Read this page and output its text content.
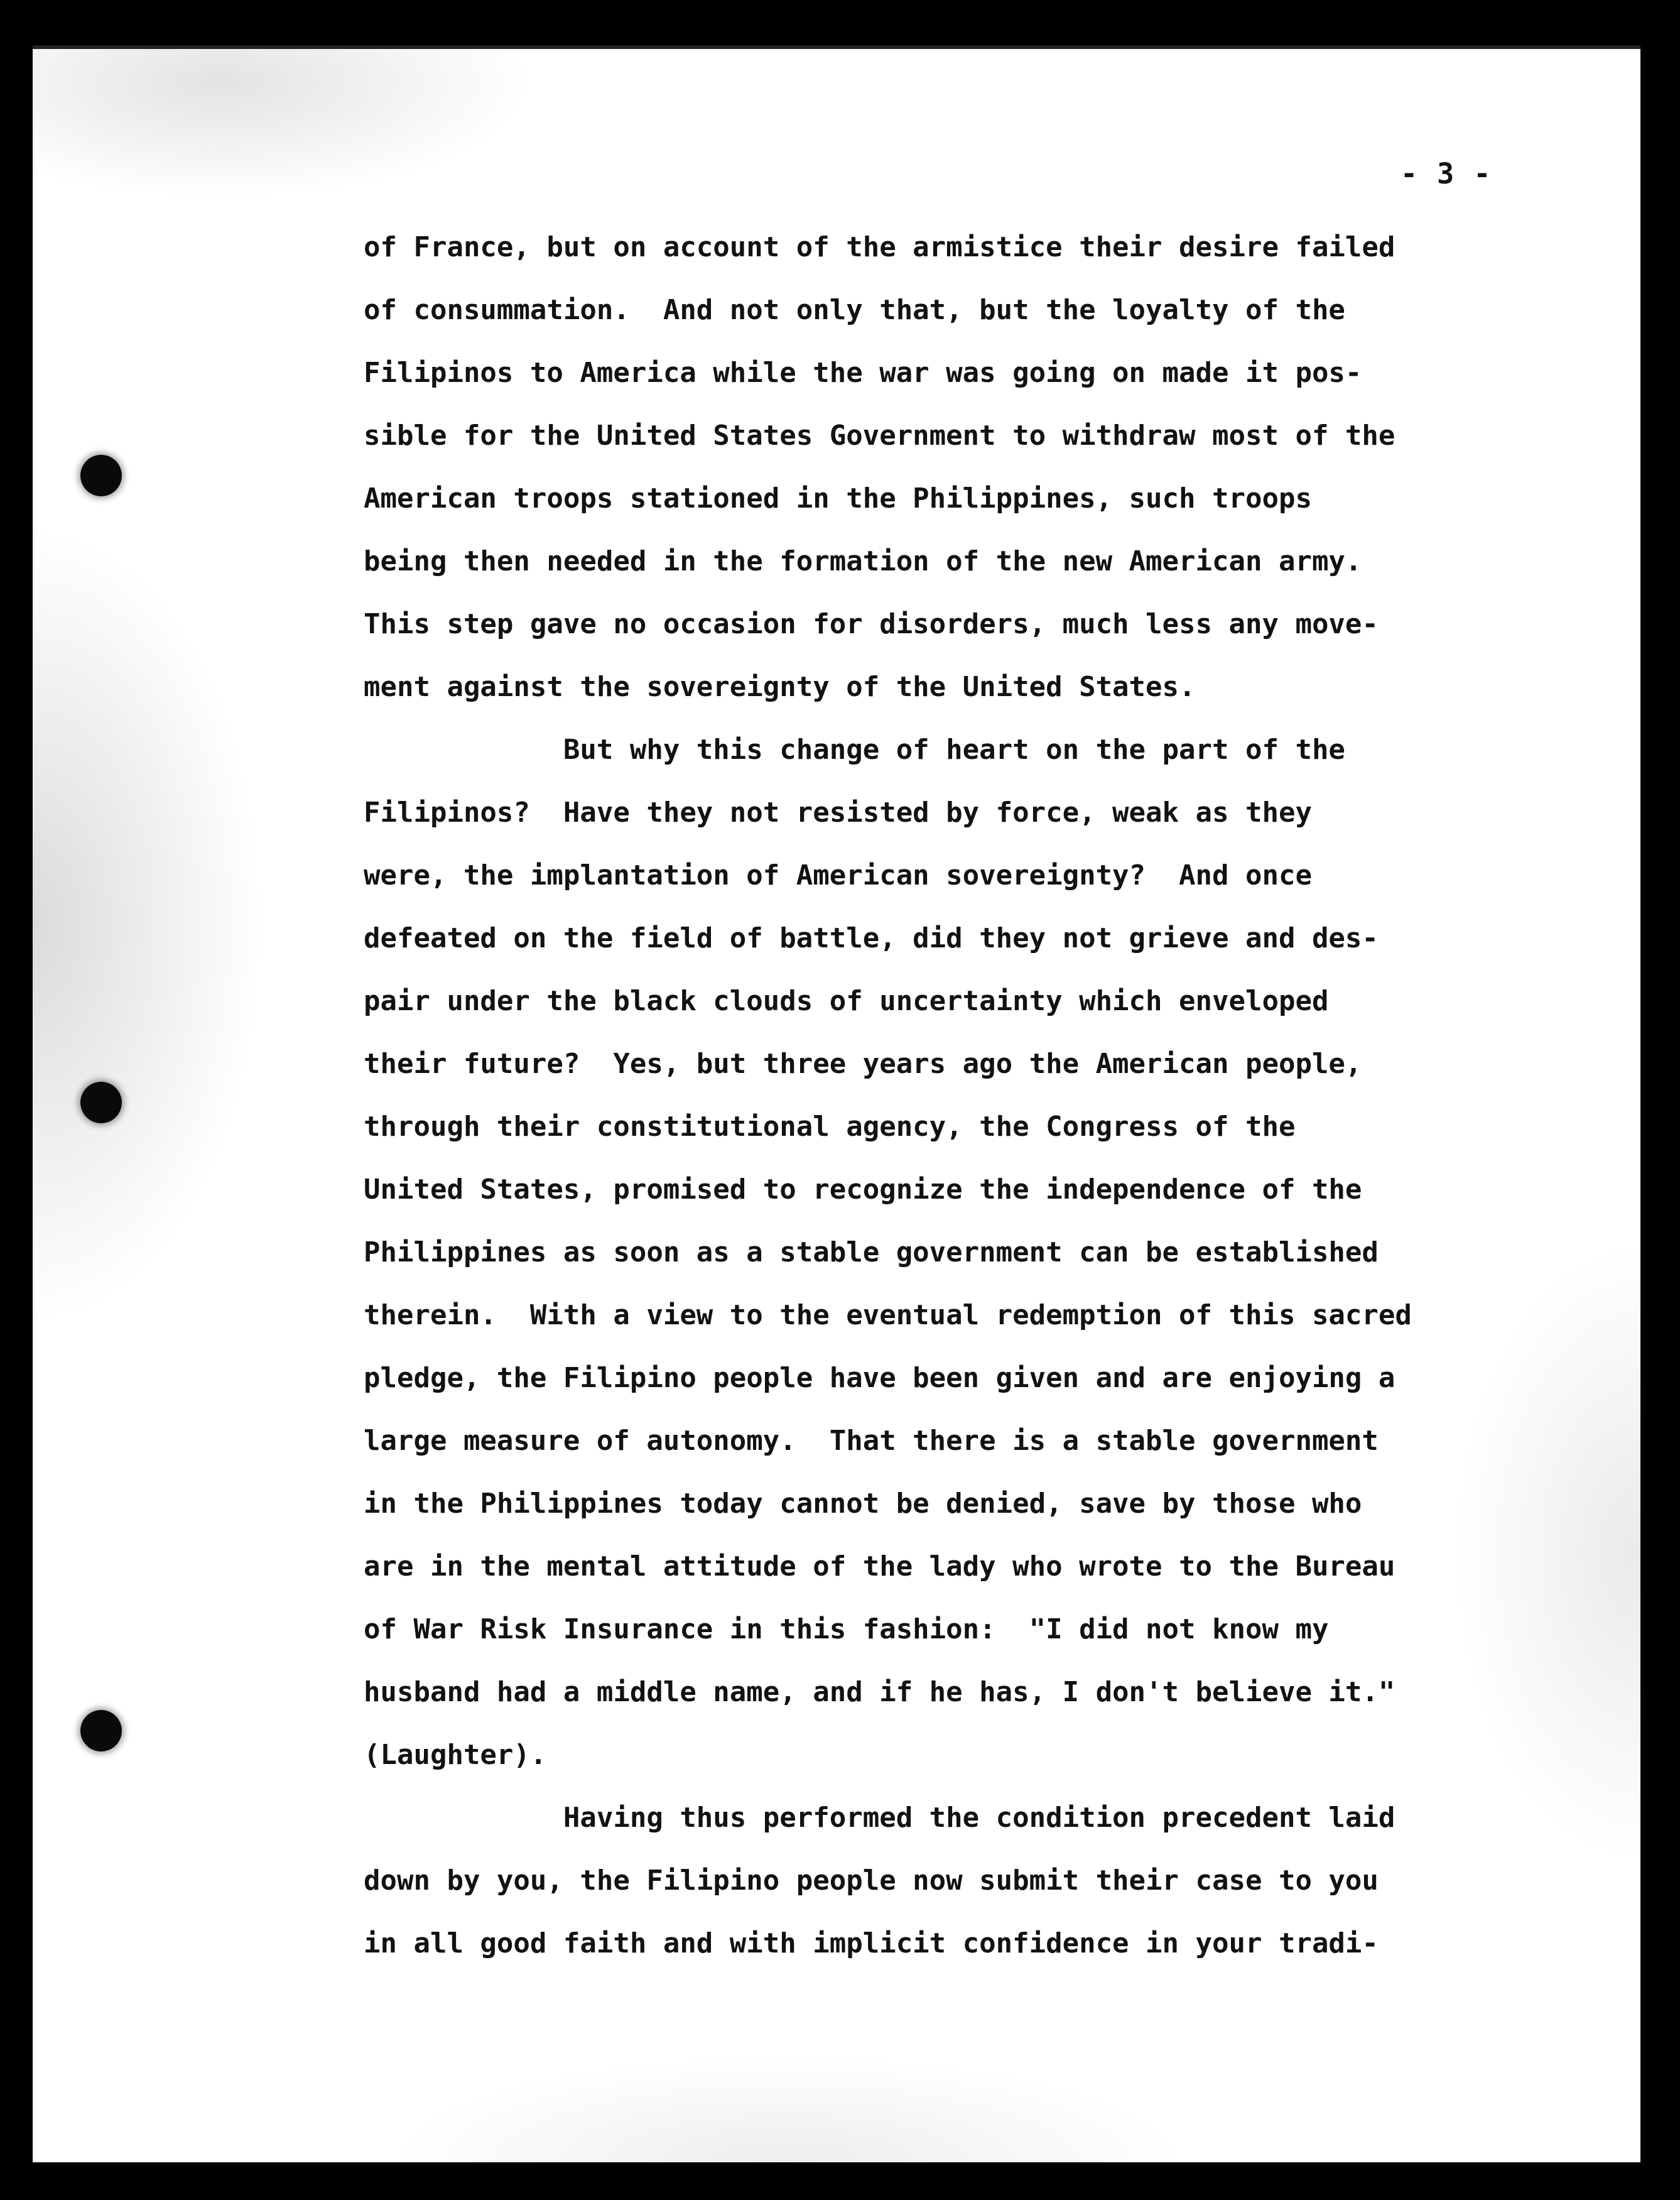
- 3 -
of France, but on account of the armistice their desire failed
of consummation.  And not only that, but the loyalty of the
Filipinos to America while the war was going on made it pos-
sible for the United States Government to withdraw most of the
American troops stationed in the Philippines, such troops
being then needed in the formation of the new American army.
This step gave no occasion for disorders, much less any move-
ment against the sovereignty of the United States.
But why this change of heart on the part of the
Filipinos?  Have they not resisted by force, weak as they
were, the implantation of American sovereignty?  And once
defeated on the field of battle, did they not grieve and des-
pair under the black clouds of uncertainty which enveloped
their future?  Yes, but three years ago the American people,
through their constitutional agency, the Congress of the
United States, promised to recognize the independence of the
Philippines as soon as a stable government can be established
therein.  With a view to the eventual redemption of this sacred
pledge, the Filipino people have been given and are enjoying a
large measure of autonomy.  That there is a stable government
in the Philippines today cannot be denied, save by those who
are in the mental attitude of the lady who wrote to the Bureau
of War Risk Insurance in this fashion:  "I did not know my
husband had a middle name, and if he has, I don't believe it."
(Laughter).
Having thus performed the condition precedent laid
down by you, the Filipino people now submit their case to you
in all good faith and with implicit confidence in your tradi-
